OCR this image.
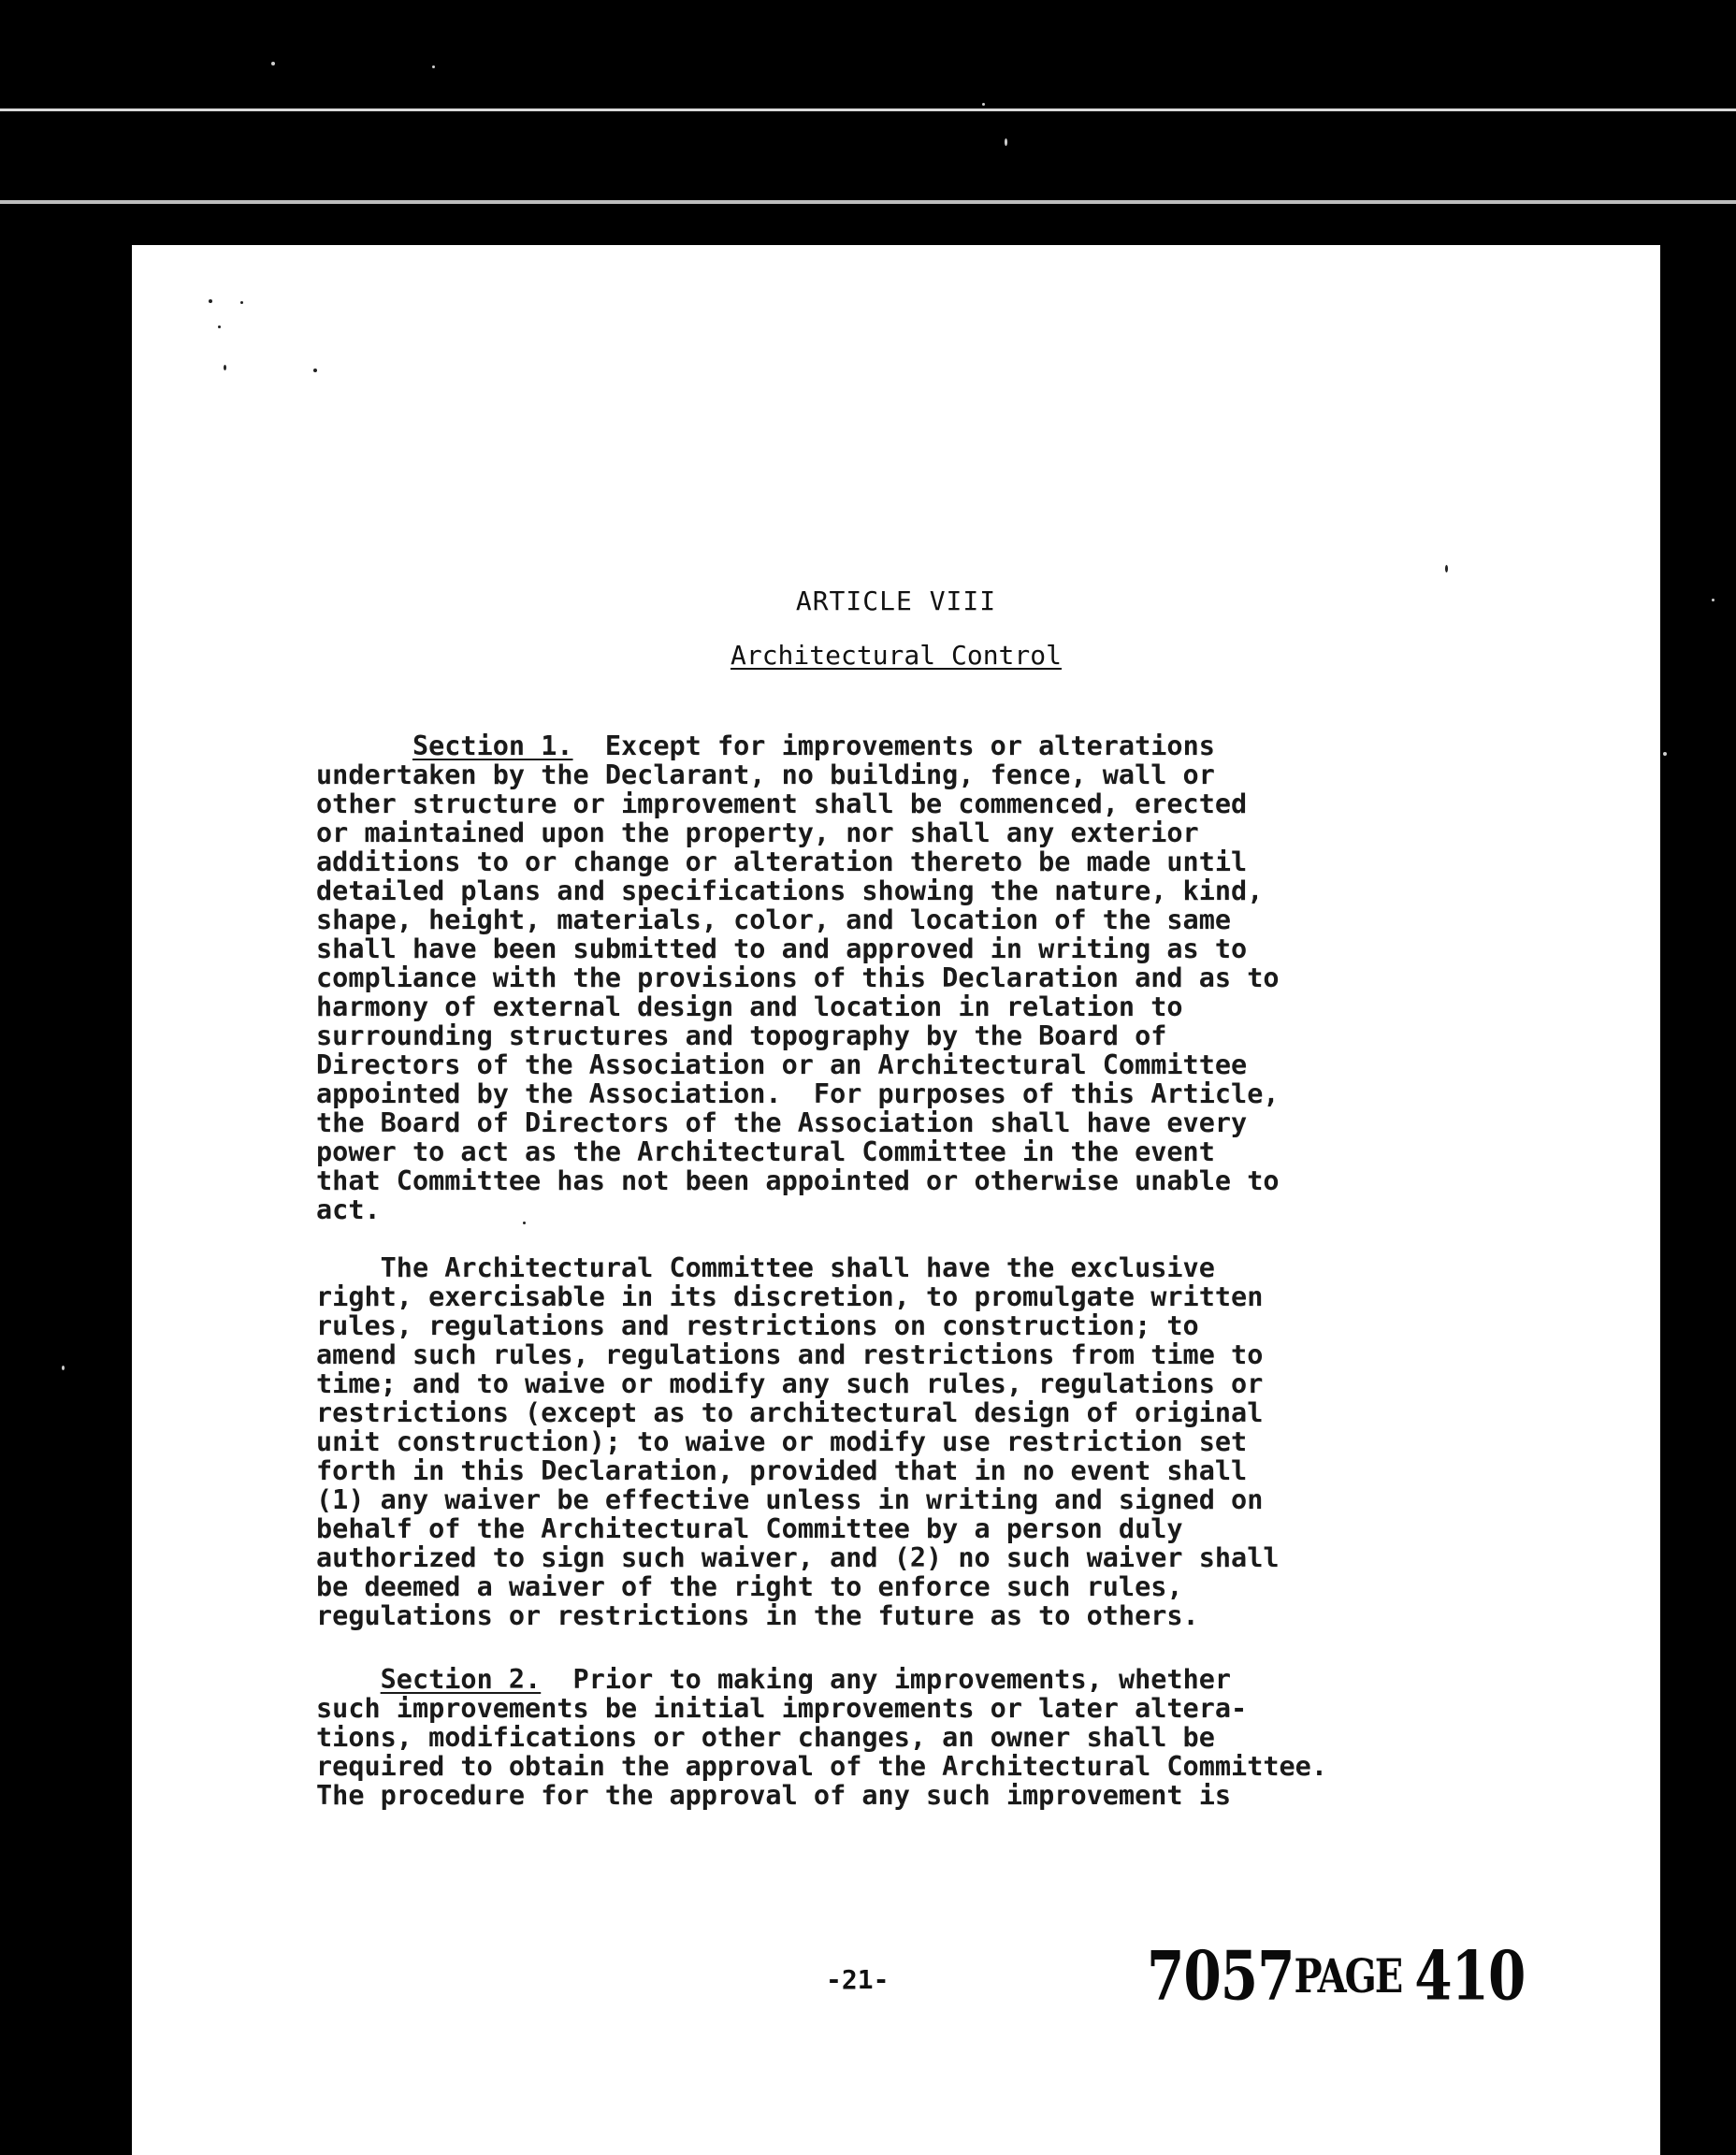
ARTICLE VIII
Architectural Control
Section 1.  Except for improvements or alterations
undertaken by the Declarant, no building, fence, wall or
other structure or improvement shall be commenced, erected
or maintained upon the property, nor shall any exterior
additions to or change or alteration thereto be made until
detailed plans and specifications showing the nature, kind,
shape, height, materials, color, and location of the same
shall have been submitted to and approved in writing as to
compliance with the provisions of this Declaration and as to
harmony of external design and location in relation to
surrounding structures and topography by the Board of
Directors of the Association or an Architectural Committee
appointed by the Association.  For purposes of this Article,
the Board of Directors of the Association shall have every
power to act as the Architectural Committee in the event
that Committee has not been appointed or otherwise unable to
act.
The Architectural Committee shall have the exclusive
right, exercisable in its discretion, to promulgate written
rules, regulations and restrictions on construction; to
amend such rules, regulations and restrictions from time to
time; and to waive or modify any such rules, regulations or
restrictions (except as to architectural design of original
unit construction); to waive or modify use restriction set
forth in this Declaration, provided that in no event shall
(1) any waiver be effective unless in writing and signed on
behalf of the Architectural Committee by a person duly
authorized to sign such waiver, and (2) no such waiver shall
be deemed a waiver of the right to enforce such rules,
regulations or restrictions in the future as to others.
Section 2.  Prior to making any improvements, whether
such improvements be initial improvements or later altera-
tions, modifications or other changes, an owner shall be
required to obtain the approval of the Architectural Committee.
The procedure for the approval of any such improvement is
-21-	7057PAGE 410
